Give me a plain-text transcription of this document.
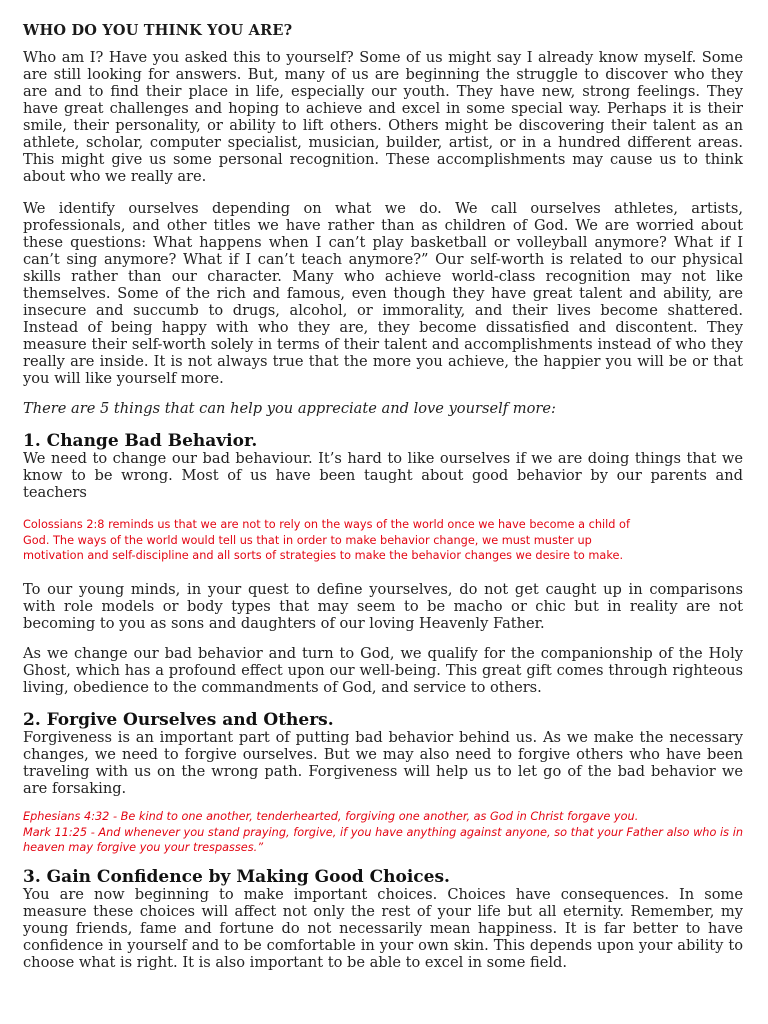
WHO DO YOU THINK YOU ARE?

Who am I? Have you asked this to yourself? Some of us might say I already know myself. Some are still looking for answers. But, many of us are beginning the struggle to discover who they are and to find their place in life, especially our youth. They have new, strong feelings. They have great challenges and hoping to achieve and excel in some special way. Perhaps it is their smile, their personality, or ability to lift others. Others might be discovering their talent as an athlete, scholar, computer specialist, musician, builder, artist, or in a hundred different areas. This might give us some personal recognition. These accomplishments may cause us to think about who we really are.

We identify ourselves depending on what we do. We call ourselves athletes, artists, professionals, and other titles we have rather than as children of God. We are worried about these questions: What happens when I can’t play basketball or volleyball anymore? What if I can’t sing anymore? What if I can’t teach anymore?” Our self-worth is related to our physical skills rather than our character. Many who achieve world-class recognition may not like themselves. Some of the rich and famous, even though they have great talent and ability, are insecure and succumb to drugs, alcohol, or immorality, and their lives become shattered. Instead of being happy with who they are, they become dissatisfied and discontent. They measure their self-worth solely in terms of their talent and accomplishments instead of who they really are inside. It is not always true that the more you achieve, the happier you will be or that you will like yourself more.

There are 5 things that can help you appreciate and love yourself more:

1. Change Bad Behavior.

We need to change our bad behaviour. It’s hard to like ourselves if we are doing things that we know to be wrong. Most of us have been taught about good behavior by our parents and teachers

Colossians 2:8 reminds us that we are not to rely on the ways of the world once we have become a child of
God. The ways of the world would tell us that in order to make behavior change, we must muster up
motivation and self-discipline and all sorts of strategies to make the behavior changes we desire to make.

To our young minds, in your quest to define yourselves, do not get caught up in comparisons with role models or body types that may seem to be macho or chic but in reality are not becoming to you as sons and daughters of our loving Heavenly Father.

As we change our bad behavior and turn to God, we qualify for the companionship of the Holy Ghost, which has a profound effect upon our well-being. This great gift comes through righteous living, obedience to the commandments of God, and service to others.

2. Forgive Ourselves and Others.

Forgiveness is an important part of putting bad behavior behind us. As we make the necessary changes, we need to forgive ourselves. But we may also need to forgive others who have been traveling with us on the wrong path. Forgiveness will help us to let go of the bad behavior we are forsaking.

Ephesians 4:32 - Be kind to one another, tenderhearted, forgiving one another, as God in Christ forgave you.
Mark 11:25 - And whenever you stand praying, forgive, if you have anything against anyone, so that your Father also who is in heaven may forgive you your trespasses.”

3. Gain Confidence by Making Good Choices.

You are now beginning to make important choices. Choices have consequences. In some measure these choices will affect not only the rest of your life but all eternity. Remember, my young friends, fame and fortune do not necessarily mean happiness. It is far better to have confidence in yourself and to be comfortable in your own skin. This depends upon your ability to choose what is right. It is also important to be able to excel in some field.
